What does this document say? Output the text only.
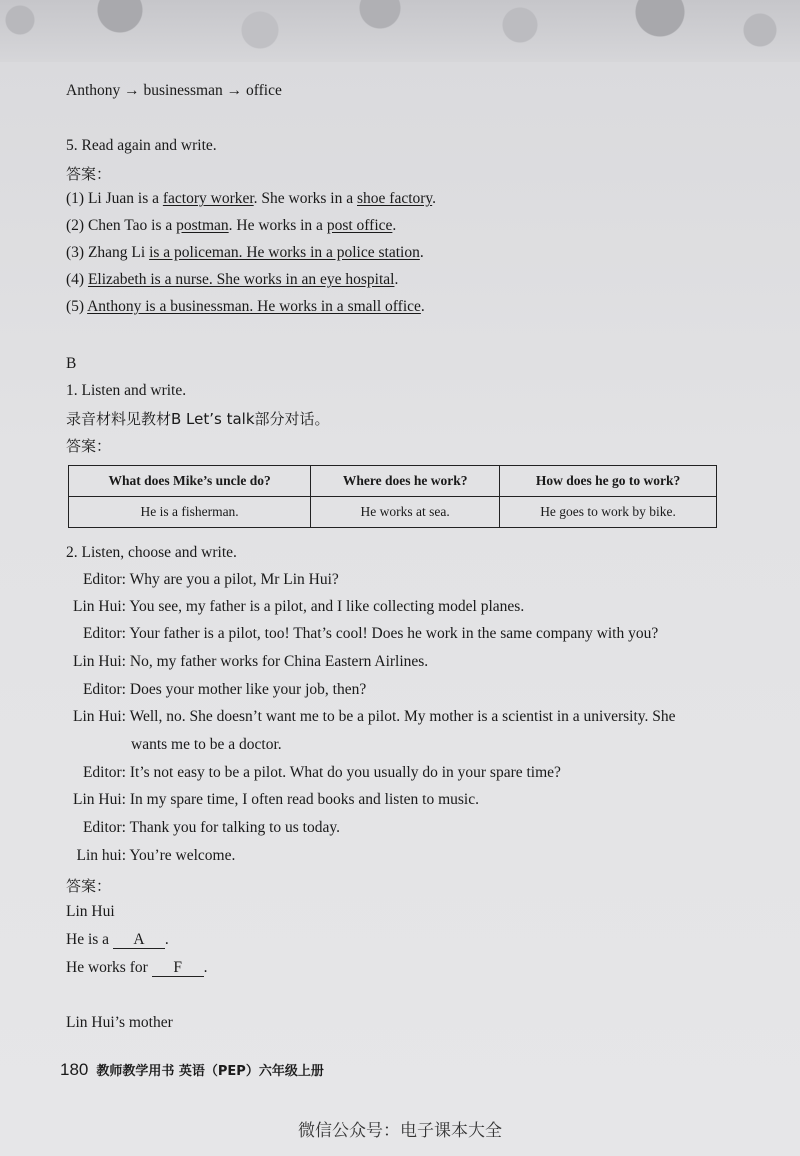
Anthony → businessman → office
5. Read again and write.
答案：
(1) Li Juan is a factory worker. She works in a shoe factory.
(2) Chen Tao is a postman. He works in a post office.
(3) Zhang Li is a policeman. He works in a police station.
(4) Elizabeth is a nurse. She works in an eye hospital.
(5) Anthony is a businessman. He works in a small office.
B
1. Listen and write.
录音材料见教材B Let’s talk部分对话。
答案：
What does Mike’s uncle do?	Where does he work?	How does he go to work?
He is a fisherman.	He works at sea.	He goes to work by bike.
2. Listen, choose and write.
Editor: Why are you a pilot, Mr Lin Hui?
Lin Hui: You see, my father is a pilot, and I like collecting model planes.
Editor: Your father is a pilot, too! That’s cool! Does he work in the same company with you?
Lin Hui: No, my father works for China Eastern Airlines.
Editor: Does your mother like your job, then?
Lin Hui: Well, no. She doesn’t want me to be a pilot. My mother is a scientist in a university. She
wants me to be a doctor.
Editor: It’s not easy to be a pilot. What do you usually do in your spare time?
Lin Hui: In my spare time, I often read books and listen to music.
Editor: Thank you for talking to us today.
Lin hui: You’re welcome.
答案：
Lin Hui
He is a A .
He works for F .
Lin Hui’s mother
180 教师教学用书 英语（PEP）六年级上册
微信公众号：电子课本大全
